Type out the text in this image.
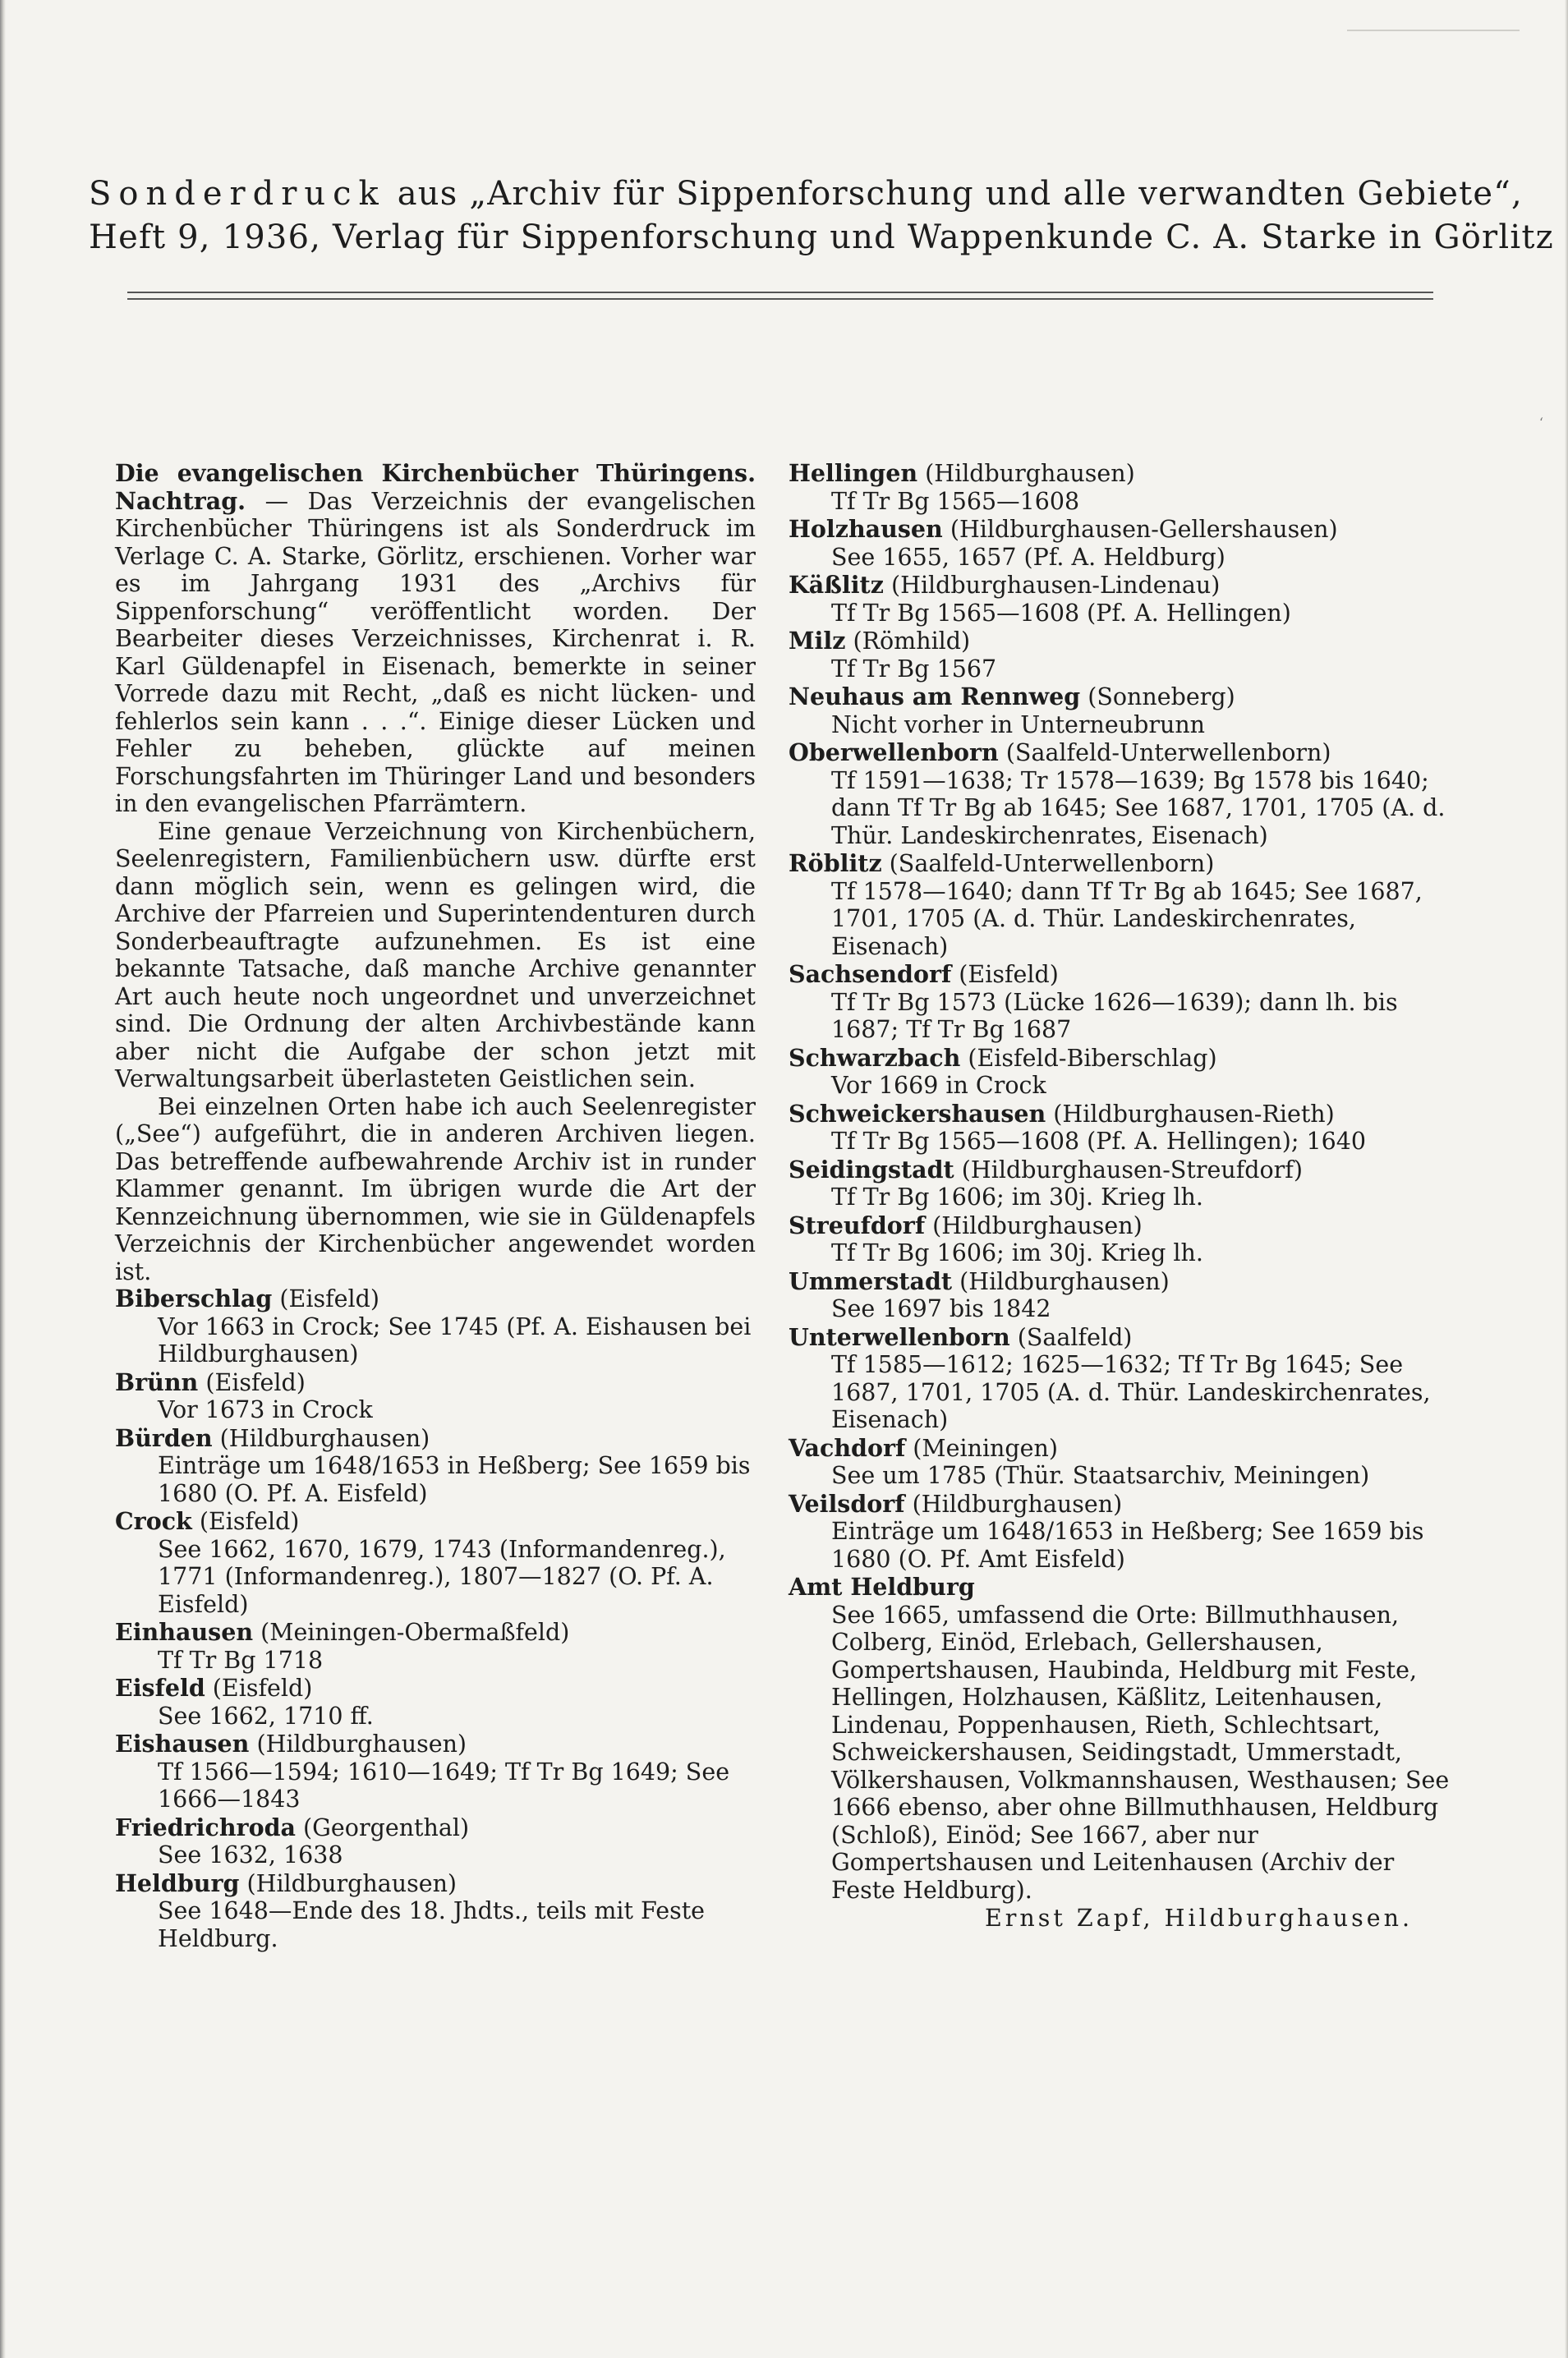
ʻ
Sonderdruck aus „Archiv für Sippenforschung und alle verwandten Gebiete“,
Heft 9, 1936, Verlag für Sippenforschung und Wappenkunde C. A. Starke in Görlitz

Die evangelischen Kirchenbücher Thüringens. Nachtrag. — Das Verzeichnis der evangelischen Kirchenbücher Thüringens ist als Sonderdruck im Verlage C. A. Starke, Görlitz, erschienen. Vorher war es im Jahrgang 1931 des „Archivs für Sippenforschung“ veröffentlicht worden. Der Bearbeiter dieses Verzeichnisses, Kirchenrat i. R. Karl Güldenapfel in Eisenach, bemerkte in seiner Vorrede dazu mit Recht, „daß es nicht lücken- und fehlerlos sein kann . . .“. Einige dieser Lücken und Fehler zu beheben, glückte auf meinen Forschungsfahrten im Thüringer Land und besonders in den evangelischen Pfarrämtern.

Eine genaue Verzeichnung von Kirchenbüchern, Seelenregistern, Familienbüchern usw. dürfte erst dann möglich sein, wenn es gelingen wird, die Archive der Pfarreien und Superintendenturen durch Sonderbeauftragte aufzunehmen. Es ist eine bekannte Tatsache, daß manche Archive genannter Art auch heute noch ungeordnet und unverzeichnet sind. Die Ordnung der alten Archivbestände kann aber nicht die Aufgabe der schon jetzt mit Verwaltungsarbeit überlasteten Geistlichen sein.

Bei einzelnen Orten habe ich auch Seelenregister („See“) aufgeführt, die in anderen Archiven liegen. Das betreffende aufbewahrende Archiv ist in runder Klammer genannt. Im übrigen wurde die Art der Kennzeichnung übernommen, wie sie in Güldenapfels Verzeichnis der Kirchenbücher angewendet worden ist.

Biberschlag (Eisfeld)
Vor 1663 in Crock; See 1745 (Pf. A. Eishausen bei Hildburghausen)
Brünn (Eisfeld)
Vor 1673 in Crock
Bürden (Hildburghausen)
Einträge um 1648/1653 in Heßberg; See 1659 bis 1680 (O. Pf. A. Eisfeld)
Crock (Eisfeld)
See 1662, 1670, 1679, 1743 (Informandenreg.), 1771 (Informandenreg.), 1807—1827 (O. Pf. A. Eisfeld)
Einhausen (Meiningen-Obermaßfeld)
Tf Tr Bg 1718
Eisfeld (Eisfeld)
See 1662, 1710 ff.
Eishausen (Hildburghausen)
Tf 1566—1594; 1610—1649; Tf Tr Bg 1649; See 1666—1843
Friedrichroda (Georgenthal)
See 1632, 1638
Heldburg (Hildburghausen)
See 1648—Ende des 18. Jhdts., teils mit Feste Heldburg.
Hellingen (Hildburghausen)
Tf Tr Bg 1565—1608
Holzhausen (Hildburghausen-Gellershausen)
See 1655, 1657 (Pf. A. Heldburg)
Käßlitz (Hildburghausen-Lindenau)
Tf Tr Bg 1565—1608 (Pf. A. Hellingen)
Milz (Römhild)
Tf Tr Bg 1567
Neuhaus am Rennweg (Sonneberg)
Nicht vorher in Unterneubrunn
Oberwellenborn (Saalfeld-Unterwellenborn)
Tf 1591—1638; Tr 1578—1639; Bg 1578 bis 1640; dann Tf Tr Bg ab 1645; See 1687, 1701, 1705 (A. d. Thür. Landeskirchenrates, Eisenach)
Röblitz (Saalfeld-Unterwellenborn)
Tf 1578—1640; dann Tf Tr Bg ab 1645; See 1687, 1701, 1705 (A. d. Thür. Landeskirchenrates, Eisenach)
Sachsendorf (Eisfeld)
Tf Tr Bg 1573 (Lücke 1626—1639); dann lh. bis 1687; Tf Tr Bg 1687
Schwarzbach (Eisfeld-Biberschlag)
Vor 1669 in Crock
Schweickershausen (Hildburghausen-Rieth)
Tf Tr Bg 1565—1608 (Pf. A. Hellingen); 1640
Seidingstadt (Hildburghausen-Streufdorf)
Tf Tr Bg 1606; im 30j. Krieg lh.
Streufdorf (Hildburghausen)
Tf Tr Bg 1606; im 30j. Krieg lh.
Ummerstadt (Hildburghausen)
See 1697 bis 1842
Unterwellenborn (Saalfeld)
Tf 1585—1612; 1625—1632; Tf Tr Bg 1645; See 1687, 1701, 1705 (A. d. Thür. Landeskirchenrates, Eisenach)
Vachdorf (Meiningen)
See um 1785 (Thür. Staatsarchiv, Meiningen)
Veilsdorf (Hildburghausen)
Einträge um 1648/1653 in Heßberg; See 1659 bis 1680 (O. Pf. Amt Eisfeld)
Amt Heldburg
See 1665, umfassend die Orte: Billmuthhausen, Colberg, Einöd, Erlebach, Gellershausen, Gompertshausen, Haubinda, Heldburg mit Feste, Hellingen, Holzhausen, Käßlitz, Leitenhausen, Lindenau, Poppenhausen, Rieth, Schlechtsart, Schweickershausen, Seidingstadt, Ummerstadt, Völkershausen, Volkmannshausen, Westhausen; See 1666 ebenso, aber ohne Billmuthhausen, Heldburg (Schloß), Einöd; See 1667, aber nur Gompertshausen und Leitenhausen (Archiv der Feste Heldburg).
Ernst Zapf, Hildburghausen.
